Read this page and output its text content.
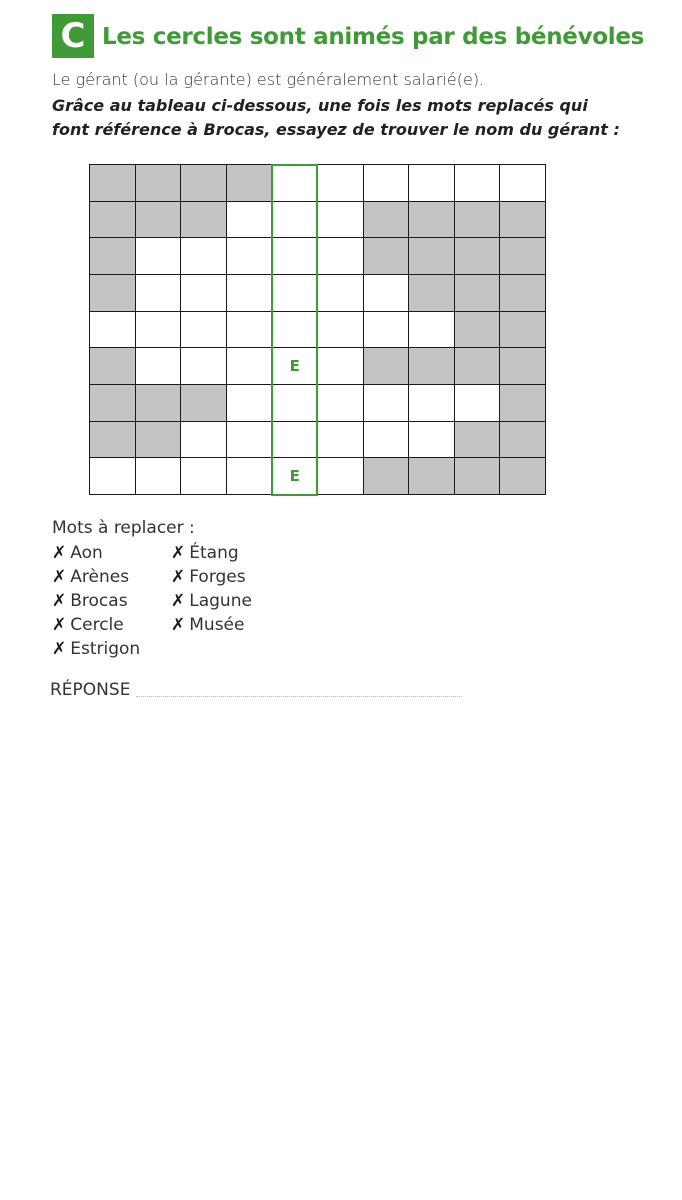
C Les cercles sont animés par des bénévoles
Le gérant (ou la gérante) est généralement salarié(e).
Grâce au tableau ci-dessous, une fois les mots replacés qui
font référence à Brocas, essayez de trouver le nom du gérant :
E
E
Mots à replacer :
✗ Aon
✗ Arènes
✗ Brocas
✗ Cercle
✗ Estrigon
✗ Étang
✗ Forges
✗ Lagune
✗ Musée
RÉPONSE
